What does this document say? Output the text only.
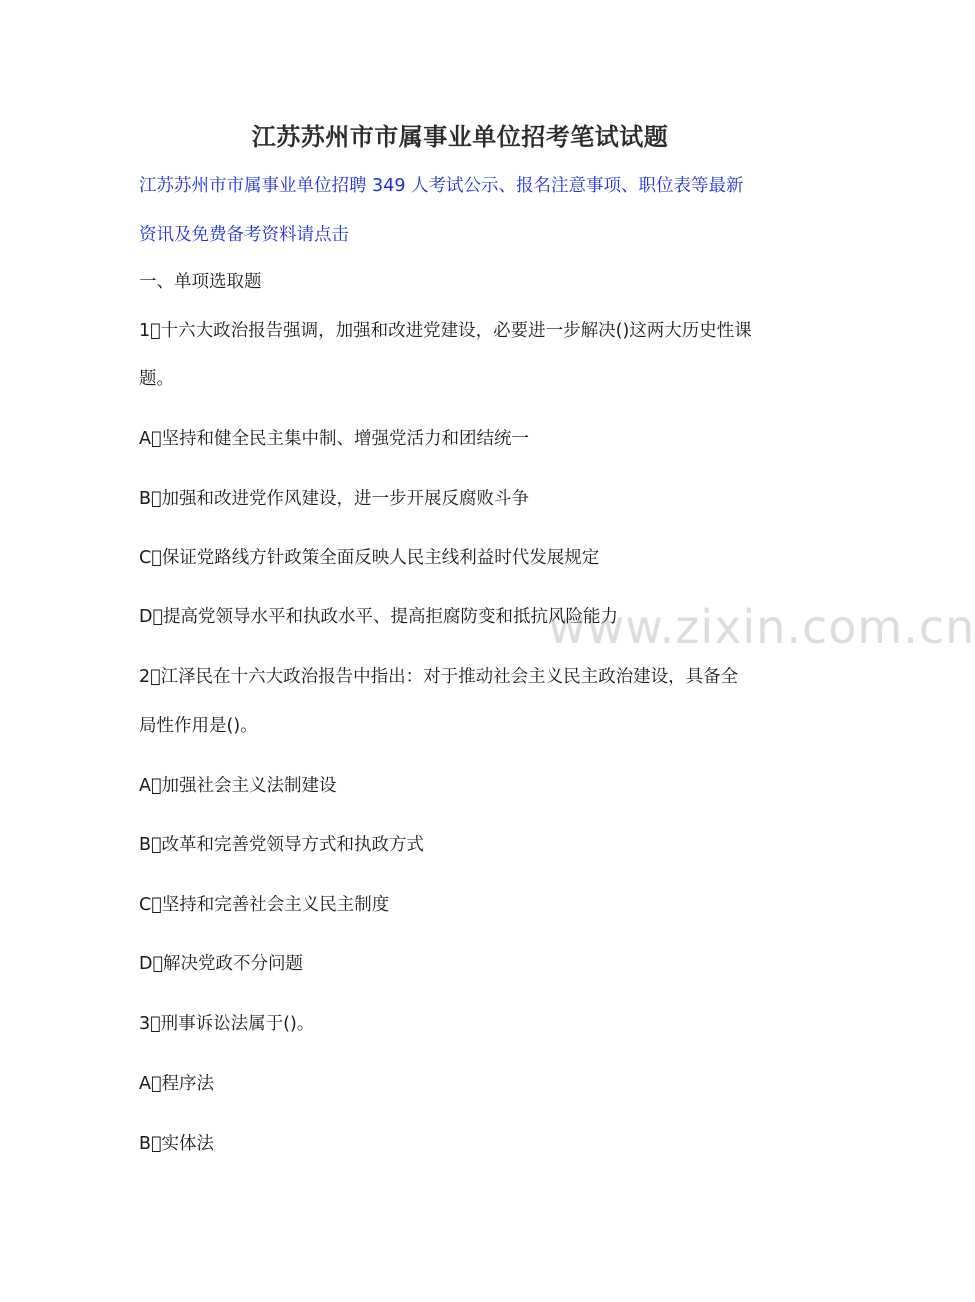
www.zixin.com.cn
江苏苏州市市属事业单位招考笔试试题
江苏苏州市市属事业单位招聘 349 人考试公示、报名注意事项、职位表等最新
资讯及免费备考资料请点击
一、单项选取题
1 十六大政治报告强调，加强和改进党建设，必要进一步解决()这两大历史性课
题。
A 坚持和健全民主集中制、增强党活力和团结统一
B 加强和改进党作风建设，进一步开展反腐败斗争
C 保证党路线方针政策全面反映人民主线利益时代发展规定
D 提高党领导水平和执政水平、提高拒腐防变和抵抗风险能力
2 江泽民在十六大政治报告中指出：对于推动社会主义民主政治建设，具备全
局性作用是()。
A 加强社会主义法制建设
B 改革和完善党领导方式和执政方式
C 坚持和完善社会主义民主制度
D 解决党政不分问题
3 刑事诉讼法属于()。
A 程序法
B 实体法
